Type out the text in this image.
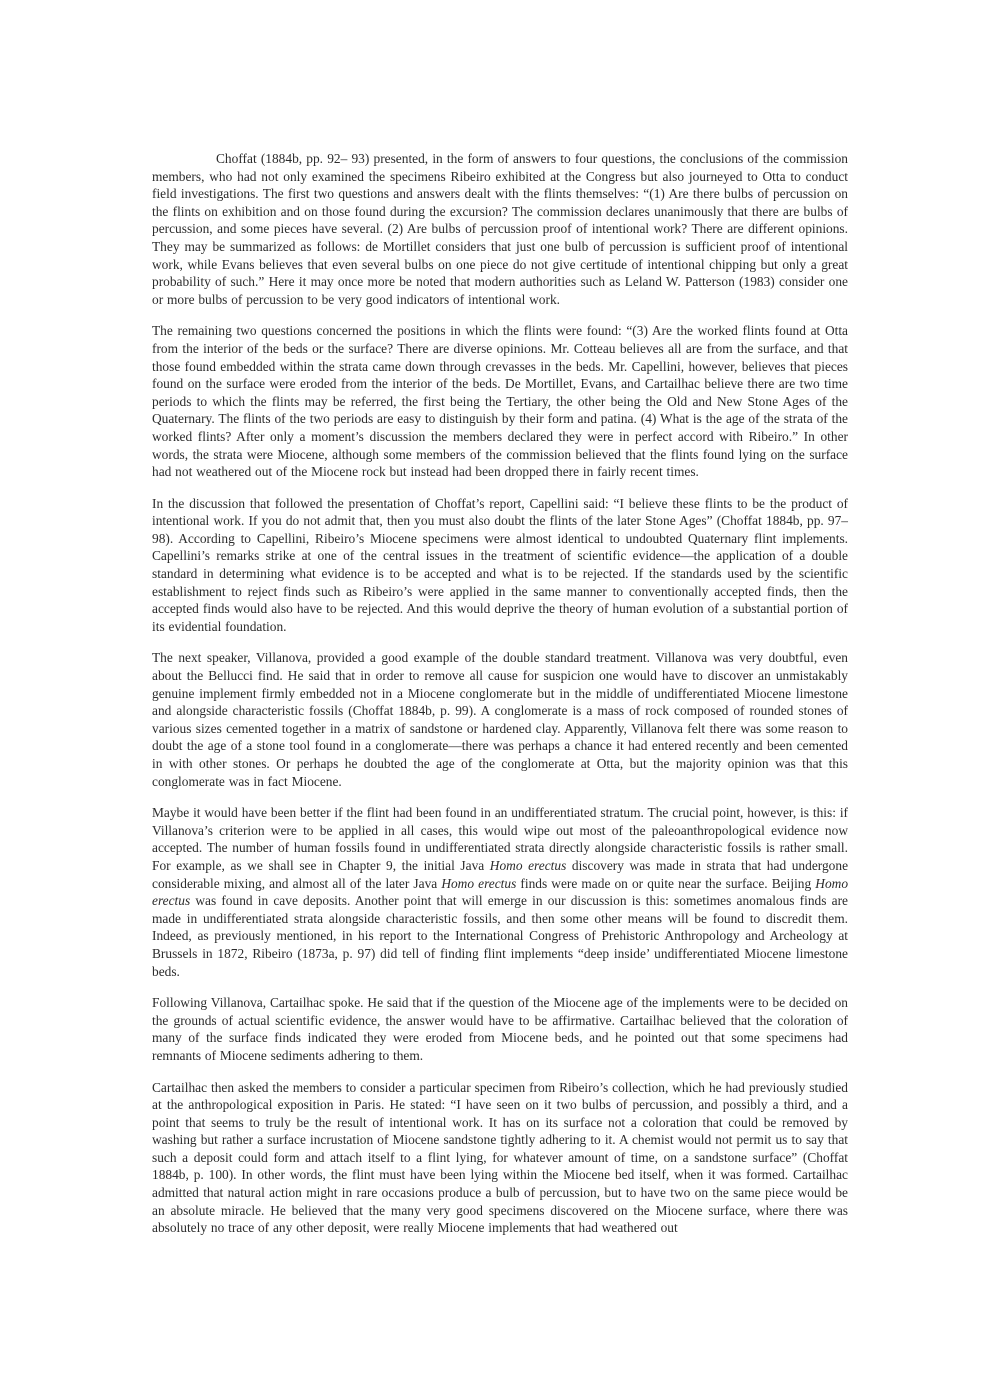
Choffat (1884b, pp. 92– 93) presented, in the form of answers to four questions, the conclusions of the commission members, who had not only examined the specimens Ribeiro exhibited at the Congress but also journeyed to Otta to conduct field investigations. The first two questions and answers dealt with the flints themselves: “(1) Are there bulbs of percussion on the flints on exhibition and on those found during the excursion? The commission declares unanimously that there are bulbs of percussion, and some pieces have several. (2) Are bulbs of percussion proof of intentional work? There are different opinions. They may be summarized as follows: de Mortillet considers that just one bulb of percussion is sufficient proof of intentional work, while Evans believes that even several bulbs on one piece do not give certitude of intentional chipping but only a great probability of such.” Here it may once more be noted that modern authorities such as Leland W. Patterson (1983) consider one or more bulbs of percussion to be very good indicators of intentional work.

The remaining two questions concerned the positions in which the flints were found: “(3) Are the worked flints found at Otta from the interior of the beds or the surface? There are diverse opinions. Mr. Cotteau believes all are from the surface, and that those found embedded within the strata came down through crevasses in the beds. Mr. Capellini, however, believes that pieces found on the surface were eroded from the interior of the beds. De Mortillet, Evans, and Cartailhac believe there are two time periods to which the flints may be referred, the first being the Tertiary, the other being the Old and New Stone Ages of the Quaternary. The flints of the two periods are easy to distinguish by their form and patina. (4) What is the age of the strata of the worked flints? After only a moment’s discussion the members declared they were in perfect accord with Ribeiro.” In other words, the strata were Miocene, although some members of the commission believed that the flints found lying on the surface had not weathered out of the Miocene rock but instead had been dropped there in fairly recent times.

In the discussion that followed the presentation of Choffat’s report, Capellini said: “I believe these flints to be the product of intentional work. If you do not admit that, then you must also doubt the flints of the later Stone Ages” (Choffat 1884b, pp. 97–98). According to Capellini, Ribeiro’s Miocene specimens were almost identical to undoubted Quaternary flint implements. Capellini’s remarks strike at one of the central issues in the treatment of scientific evidence—the application of a double standard in determining what evidence is to be accepted and what is to be rejected. If the standards used by the scientific establishment to reject finds such as Ribeiro’s were applied in the same manner to conventionally accepted finds, then the accepted finds would also have to be rejected. And this would deprive the theory of human evolution of a substantial portion of its evidential foundation.

The next speaker, Villanova, provided a good example of the double standard treatment. Villanova was very doubtful, even about the Bellucci find. He said that in order to remove all cause for suspicion one would have to discover an unmistakably genuine implement firmly embedded not in a Miocene conglomerate but in the middle of undifferentiated Miocene limestone and alongside characteristic fossils (Choffat 1884b, p. 99). A conglomerate is a mass of rock composed of rounded stones of various sizes cemented together in a matrix of sandstone or hardened clay. Apparently, Villanova felt there was some reason to doubt the age of a stone tool found in a conglomerate—there was perhaps a chance it had entered recently and been cemented in with other stones. Or perhaps he doubted the age of the conglomerate at Otta, but the majority opinion was that this conglomerate was in fact Miocene.

Maybe it would have been better if the flint had been found in an undifferentiated stratum. The crucial point, however, is this: if Villanova’s criterion were to be applied in all cases, this would wipe out most of the paleoanthropological evidence now accepted. The number of human fossils found in undifferentiated strata directly alongside characteristic fossils is rather small. For example, as we shall see in Chapter 9, the initial Java Homo erectus discovery was made in strata that had undergone considerable mixing, and almost all of the later Java Homo erectus finds were made on or quite near the surface. Beijing Homo erectus was found in cave deposits. Another point that will emerge in our discussion is this: sometimes anomalous finds are made in undifferentiated strata alongside characteristic fossils, and then some other means will be found to discredit them. Indeed, as previously mentioned, in his report to the International Congress of Prehistoric Anthropology and Archeology at Brussels in 1872, Ribeiro (1873a, p. 97) did tell of finding flint implements “deep inside’ undifferentiated Miocene limestone beds.

Following Villanova, Cartailhac spoke. He said that if the question of the Miocene age of the implements were to be decided on the grounds of actual scientific evidence, the answer would have to be affirmative. Cartailhac believed that the coloration of many of the surface finds indicated they were eroded from Miocene beds, and he pointed out that some specimens had remnants of Miocene sediments adhering to them.

Cartailhac then asked the members to consider a particular specimen from Ribeiro’s collection, which he had previously studied at the anthropological exposition in Paris. He stated: “I have seen on it two bulbs of percussion, and possibly a third, and a point that seems to truly be the result of intentional work. It has on its surface not a coloration that could be removed by washing but rather a surface incrustation of Miocene sandstone tightly adhering to it. A chemist would not permit us to say that such a deposit could form and attach itself to a flint lying, for whatever amount of time, on a sandstone surface” (Choffat 1884b, p. 100). In other words, the flint must have been lying within the Miocene bed itself, when it was formed. Cartailhac admitted that natural action might in rare occasions produce a bulb of percussion, but to have two on the same piece would be an absolute miracle. He believed that the many very good specimens discovered on the Miocene surface, where there was absolutely no trace of any other deposit, were really Miocene implements that had weathered out
